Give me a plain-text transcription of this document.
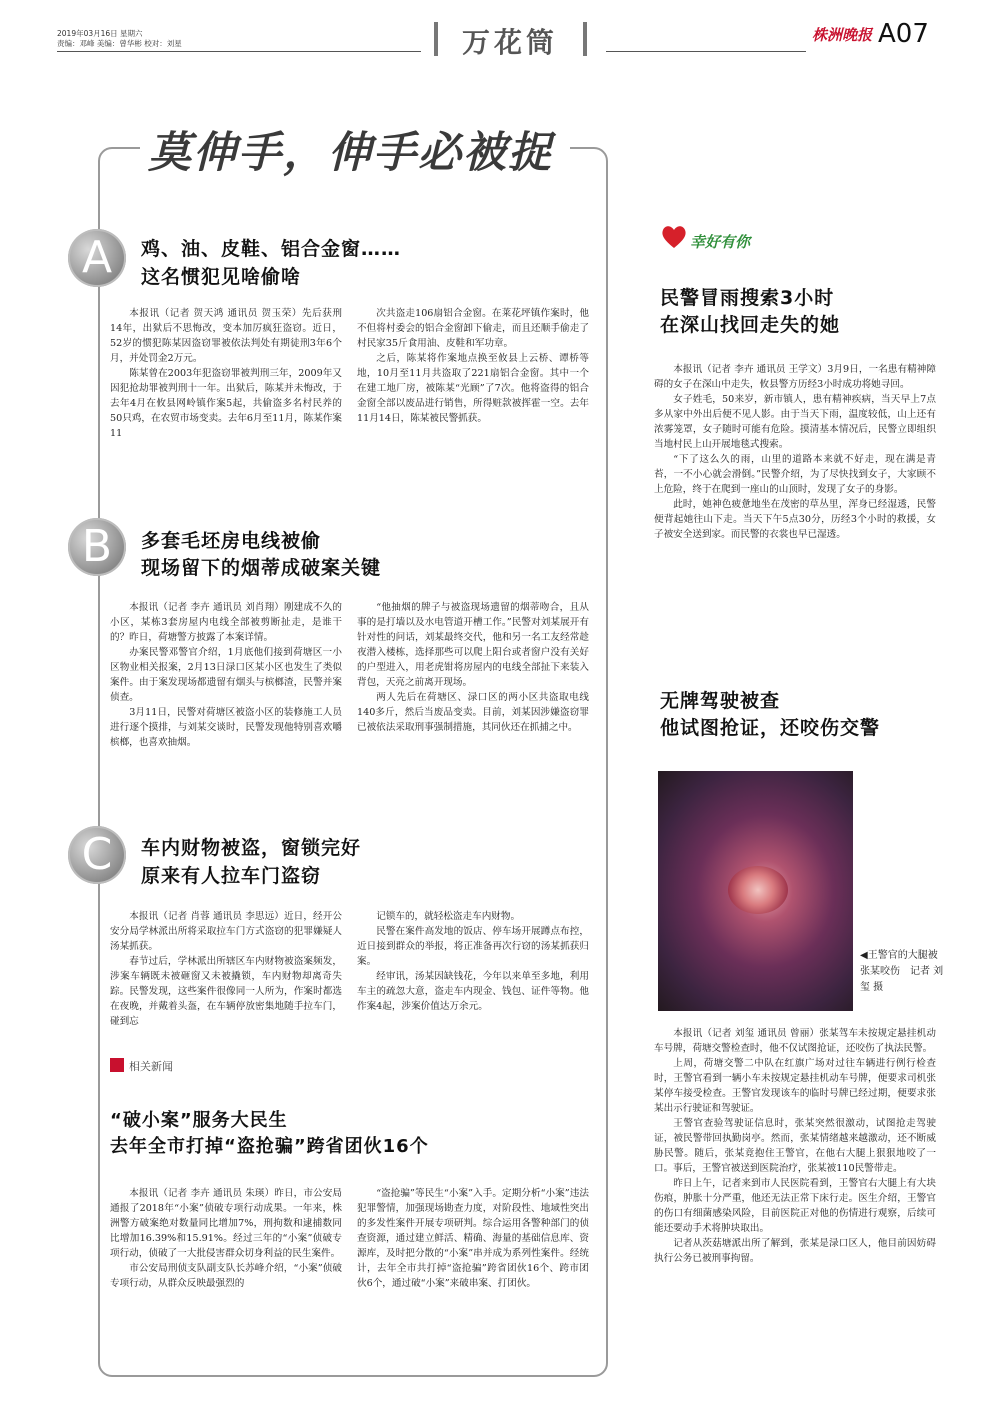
2019年03月16日 星期六
责编：邓峰 美编：曾华彬 校对：刘星	万花筒	株洲晚报 A07
莫伸手，伸手必被捉
A	鸡、油、皮鞋、铝合金窗……
这名惯犯见啥偷啥

本报讯（记者 贺天鸿 通讯员 贺玉荣）先后获刑14年，出狱后不思悔改，变本加厉疯狂盗窃。近日，52岁的惯犯陈某因盗窃罪被依法判处有期徒刑3年6个月，并处罚金2万元。

陈某曾在2003年犯盗窃罪被判刑三年，2009年又因犯抢劫罪被判刑十一年。出狱后，陈某并未悔改，于去年4月在攸县网岭镇作案5起，共偷盗多名村民养的50只鸡，在农贸市场变卖。去年6月至11月，陈某作案11

次共盗走106扇铝合金窗。在莱花坪镇作案时，他不但将村委会的铝合金窗卸下偷走，而且还顺手偷走了村民家35斤食用油、皮鞋和军功章。

之后，陈某将作案地点换至攸县上云桥、谭桥等地，10月至11月共盗取了221扇铝合金窗。其中一个在建工地厂房，被陈某“光顾”了7次。他将盗得的铝合金窗全部以废品进行销售，所得赃款被挥霍一空。去年11月14日，陈某被民警抓获。

B	多套毛坯房电线被偷
现场留下的烟蒂成破案关键

本报讯（记者 李卉 通讯员 刘肖翔）刚建成不久的小区，某栋3套房屋内电线全部被剪断扯走，是谁干的？昨日，荷塘警方披露了本案详情。

办案民警邓警官介绍，1月底他们接到荷塘区一小区物业相关报案，2月13日渌口区某小区也发生了类似案件。由于案发现场都遗留有烟头与槟榔渣，民警并案侦查。

3月11日，民警对荷塘区被盗小区的装修施工人员进行逐个摸排，与刘某交谈时，民警发现他特别喜欢嚼槟榔，也喜欢抽烟。

“他抽烟的牌子与被盗现场遗留的烟蒂吻合，且从事的是打墙以及水电管道开槽工作。”民警对刘某展开有针对性的问话，刘某最终交代，他和另一名工友经常趁夜潜入楼栋，选择那些可以爬上阳台或者窗户没有关好的户型进入，用老虎钳将房屋内的电线全部扯下来装入背包，天亮之前离开现场。

两人先后在荷塘区、渌口区的两小区共盗取电线140多斤，然后当废品变卖。目前，刘某因涉嫌盗窃罪已被依法采取刑事强制措施，其同伙还在抓捕之中。

C	车内财物被盗，窗锁完好
原来有人拉车门盗窃

本报讯（记者 肖蓉 通讯员 李思远）近日，经开公安分局学林派出所将采取拉车门方式盗窃的犯罪嫌疑人汤某抓获。

春节过后，学林派出所辖区车内财物被盗案频发，涉案车辆既未被砸窗又未被撬锁，车内财物却离奇失踪。民警发现，这些案件很像同一人所为，作案时都选在夜晚，并戴着头盔，在车辆停放密集地随手拉车门，碰到忘

记锁车的，就轻松盗走车内财物。

民警在案件高发地的饭店、停车场开展蹲点布控，近日接到群众的举报，将正准备再次行窃的汤某抓获归案。

经审讯，汤某因缺钱花，今年以来单至多地，利用车主的疏忽大意，盗走车内现金、钱包、证件等物。他作案4起，涉案价值达万余元。

相关新闻
“破小案”服务大民生
去年全市打掉“盗抢骗”跨省团伙16个

本报讯（记者 李卉 通讯员 朱瑛）昨日，市公安局通报了2018年“小案”侦破专项行动成果。一年来，株洲警方破案绝对数量同比增加7%，刑拘数和逮捕数同比增加16.39%和15.91%。经过三年的“小案”侦破专项行动，侦破了一大批侵害群众切身利益的民生案件。

市公安局刑侦支队副支队长苏峰介绍，“小案”侦破专项行动，从群众反映最强烈的

“盗抢骗”等民生“小案”入手。定期分析“小案”违法犯罪警情，加强现场勘查力度，对阶段性、地域性突出的多发性案件开展专项研判。综合运用各警种部门的侦查资源，通过建立鲜活、精确、海量的基础信息库、资源库，及时把分散的“小案”串并成为系列性案件。经统计，去年全市共打掉“盗抢骗”跨省团伙16个、跨市团伙6个，通过破“小案”来破串案、打团伙。

幸好有你
民警冒雨搜索3小时
在深山找回走失的她

本报讯（记者 李卉 通讯员 王学文）3月9日，一名患有精神障碍的女子在深山中走失，攸县警方历经3小时成功将她寻回。

女子姓毛，50来岁，新市镇人，患有精神疾病，当天早上7点多从家中外出后便不见人影。由于当天下雨，温度较低，山上还有浓雾笼罩，女子随时可能有危险。摸清基本情况后，民警立即组织当地村民上山开展地毯式搜索。

“下了这么久的雨，山里的道路本来就不好走，现在满是青苔，一不小心就会滑倒。”民警介绍，为了尽快找到女子，大家顾不上危险，终于在爬到一座山的山顶时，发现了女子的身影。

此时，她神色疲惫地坐在茂密的草丛里，浑身已经湿透，民警便背起她往山下走。当天下午5点30分，历经3个小时的救援，女子被安全送到家。而民警的衣裳也早已湿透。

无牌驾驶被查
他试图抢证，还咬伤交警
◀王警官的大腿被张某咬伤　记者 刘玺 摄

本报讯（记者 刘玺 通讯员 曾丽）张某驾车未按规定悬挂机动车号牌，荷塘交警检查时，他不仅试图抢证，还咬伤了执法民警。

上周，荷塘交警二中队在红旗广场对过往车辆进行例行检查时，王警官看到一辆小车未按规定悬挂机动车号牌，便要求司机张某停车接受检查。王警官发现该车的临时号牌已经过期，便要求张某出示行驶证和驾驶证。

王警官查验驾驶证信息时，张某突然很激动，试图抢走驾驶证，被民警带回执勤岗亭。然而，张某情绪越来越激动，还不断威胁民警。随后，张某竟抱住王警官，在他右大腿上狠狠地咬了一口。事后，王警官被送到医院治疗，张某被110民警带走。

昨日上午，记者来到市人民医院看到，王警官右大腿上有大块伤痕，肿胀十分严重，他还无法正常下床行走。医生介绍，王警官的伤口有细菌感染风险，目前医院正对他的伤情进行观察，后续可能还要动手术将肿块取出。

记者从茨菇塘派出所了解到，张某是渌口区人，他目前因妨碍执行公务已被刑事拘留。
